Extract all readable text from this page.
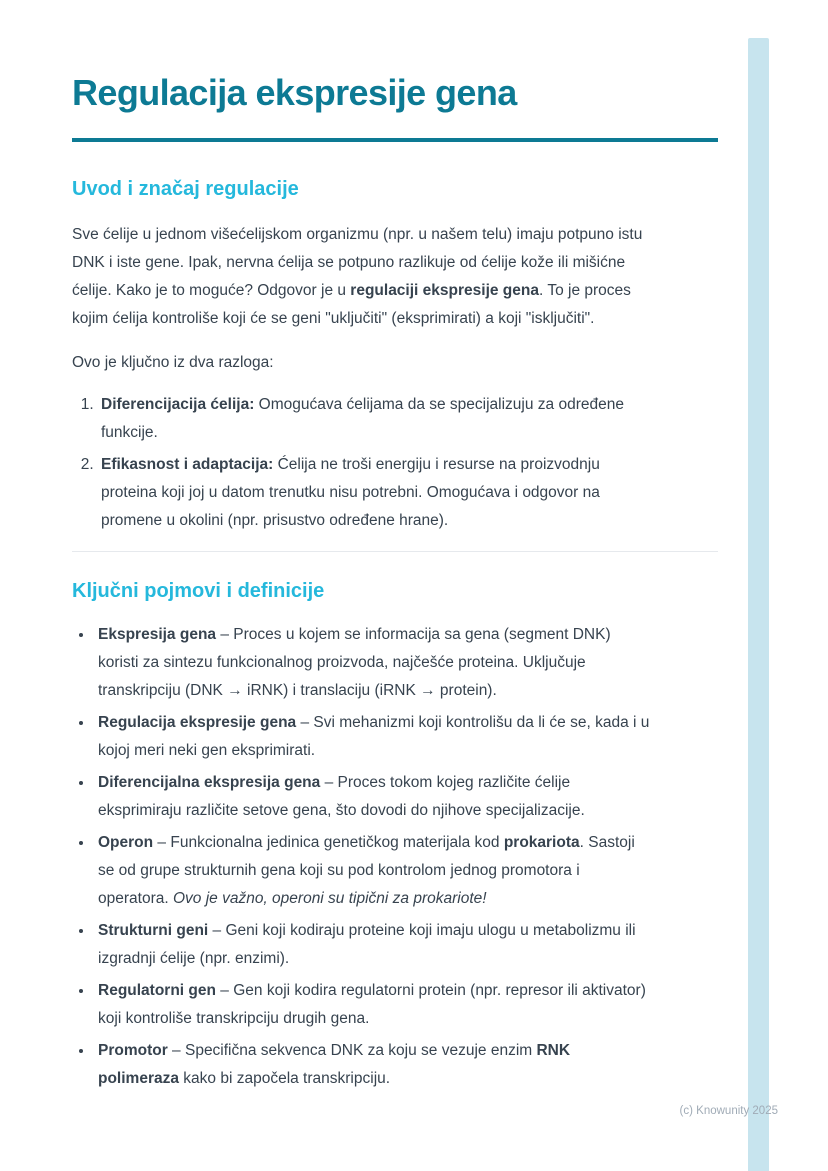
Regulacija ekspresije gena
Uvod i značaj regulacije

Sve ćelije u jednom višećelijskom organizmu (npr. u našem telu) imaju potpuno istu DNK i iste gene. Ipak, nervna ćelija se potpuno razlikuje od ćelije kože ili mišićne ćelije. Kako je to moguće? Odgovor je u regulaciji ekspresije gena. To je proces kojim ćelija kontroliše koji će se geni "uključiti" (eksprimirati) a koji "isključiti".

Ovo je ključno iz dva razloga:

1. Diferencijacija ćelija: Omogućava ćelijama da se specijalizuju za određene funkcije.
2. Efikasnost i adaptacija: Ćelija ne troši energiju i resurse na proizvodnju proteina koji joj u datom trenutku nisu potrebni. Omogućava i odgovor na promene u okolini (npr. prisustvo određene hrane).
Ključni pojmovi i definicije
• Ekspresija gena – Proces u kojem se informacija sa gena (segment DNK) koristi za sintezu funkcionalnog proizvoda, najčešće proteina. Uključuje transkripciju (DNK → iRNK) i translaciju (iRNK → protein).
• Regulacija ekspresije gena – Svi mehanizmi koji kontrolišu da li će se, kada i u kojoj meri neki gen eksprimirati.
• Diferencijalna ekspresija gena – Proces tokom kojeg različite ćelije eksprimiraju različite setove gena, što dovodi do njihove specijalizacije.
• Operon – Funkcionalna jedinica genetičkog materijala kod prokariota. Sastoji se od grupe strukturnih gena koji su pod kontrolom jednog promotora i operatora. Ovo je važno, operoni su tipični za prokariote!
• Strukturni geni – Geni koji kodiraju proteine koji imaju ulogu u metabolizmu ili izgradnji ćelije (npr. enzimi).
• Regulatorni gen – Gen koji kodira regulatorni protein (npr. represor ili aktivator) koji kontroliše transkripciju drugih gena.
• Promotor – Specifična sekvenca DNK za koju se vezuje enzim RNK polimeraza kako bi započela transkripciju.
(c) Knowunity 2025
